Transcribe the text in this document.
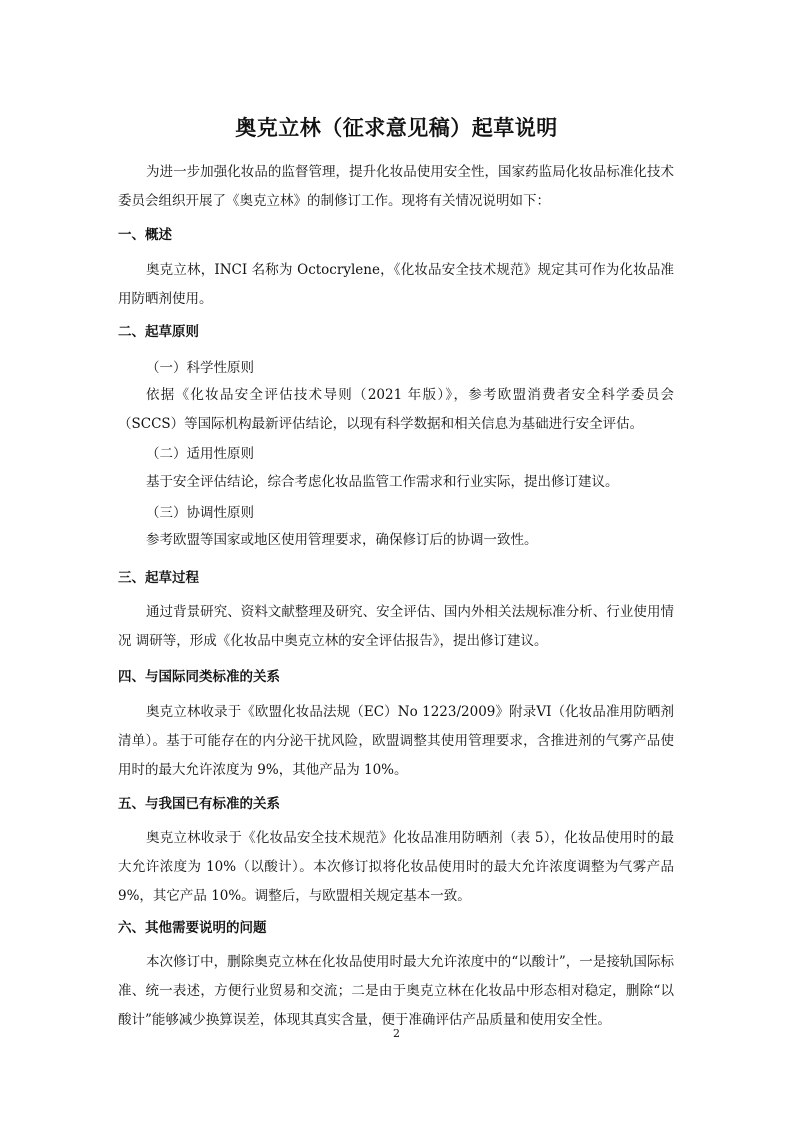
奥克立林（征求意见稿）起草说明

为进一步加强化妆品的监督管理，提升化妆品使用安全性，国家药监局化妆品标准化技术委员会组织开展了《奥克立林》的制修订工作。现将有关情况说明如下：

一、概述

奥克立林，INCI 名称为 Octocrylene，《化妆品安全技术规范》规定其可作为化妆品准用防晒剂使用。

二、起草原则

（一）科学性原则

依据《化妆品安全评估技术导则（2021 年版）》，参考欧盟消费者安全科学委员会（SCCS）等国际机构最新评估结论，以现有科学数据和相关信息为基础进行安全评估。

（二）适用性原则

基于安全评估结论，综合考虑化妆品监管工作需求和行业实际，提出修订建议。

（三）协调性原则

参考欧盟等国家或地区使用管理要求，确保修订后的协调一致性。

三、起草过程

通过背景研究、资料文献整理及研究、安全评估、国内外相关法规标准分析、行业使用情况 调研等，形成《化妆品中奥克立林的安全评估报告》，提出修订建议。

四、与国际同类标准的关系

奥克立林收录于《欧盟化妆品法规（EC）No 1223/2009》附录VI（化妆品准用防晒剂清单）。基于可能存在的内分泌干扰风险，欧盟调整其使用管理要求，含推进剂的气雾产品使用时的最大允许浓度为 9%，其他产品为 10%。

五、与我国已有标准的关系

奥克立林收录于《化妆品安全技术规范》化妆品准用防晒剂（表 5），化妆品使用时的最大允许浓度为 10%（以酸计）。本次修订拟将化妆品使用时的最大允许浓度调整为气雾产品 9%，其它产品 10%。调整后，与欧盟相关规定基本一致。

六、其他需要说明的问题

本次修订中，删除奥克立林在化妆品使用时最大允许浓度中的“以酸计”，一是接轨国际标准、统一表述，方便行业贸易和交流；二是由于奥克立林在化妆品中形态相对稳定，删除“以酸计”能够减少换算误差，体现其真实含量，便于准确评估产品质量和使用安全性。

2
